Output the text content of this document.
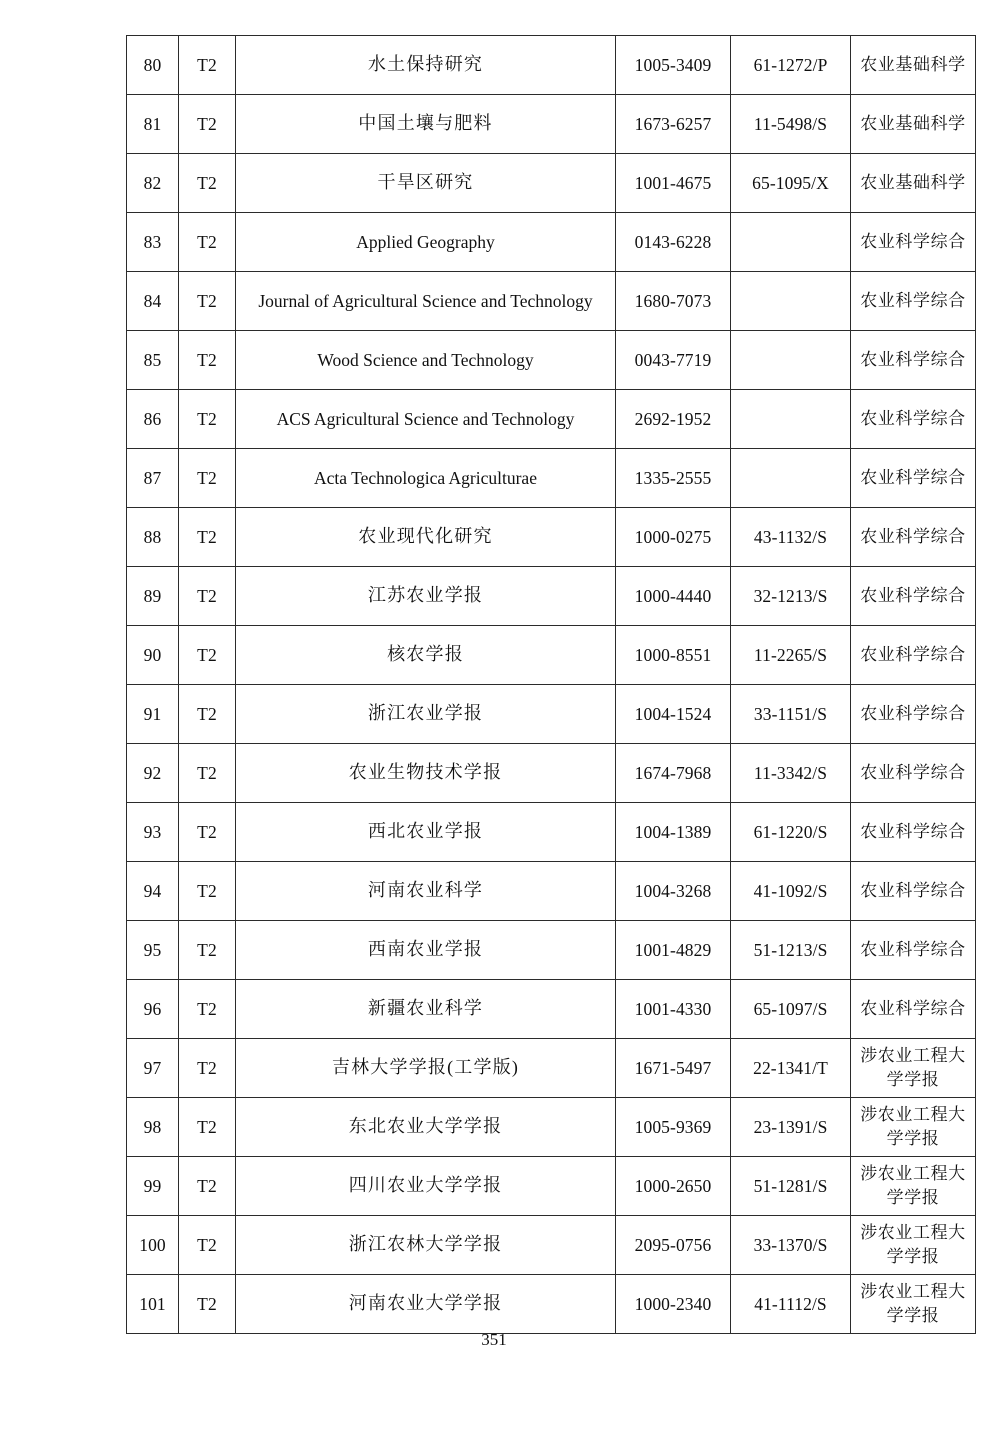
80	T2	水土保持研究	1005-3409	61-1272/P	农业基础科学
81	T2	中国土壤与肥料	1673-6257	11-5498/S	农业基础科学
82	T2	干旱区研究	1001-4675	65-1095/X	农业基础科学
83	T2	Applied Geography	0143-6228		农业科学综合
84	T2	Journal of Agricultural Science and Technology	1680-7073		农业科学综合
85	T2	Wood Science and Technology	0043-7719		农业科学综合
86	T2	ACS Agricultural Science and Technology	2692-1952		农业科学综合
87	T2	Acta Technologica Agriculturae	1335-2555		农业科学综合
88	T2	农业现代化研究	1000-0275	43-1132/S	农业科学综合
89	T2	江苏农业学报	1000-4440	32-1213/S	农业科学综合
90	T2	核农学报	1000-8551	11-2265/S	农业科学综合
91	T2	浙江农业学报	1004-1524	33-1151/S	农业科学综合
92	T2	农业生物技术学报	1674-7968	11-3342/S	农业科学综合
93	T2	西北农业学报	1004-1389	61-1220/S	农业科学综合
94	T2	河南农业科学	1004-3268	41-1092/S	农业科学综合
95	T2	西南农业学报	1001-4829	51-1213/S	农业科学综合
96	T2	新疆农业科学	1001-4330	65-1097/S	农业科学综合
97	T2	吉林大学学报(工学版)	1671-5497	22-1341/T	涉农业工程大学学报
98	T2	东北农业大学学报	1005-9369	23-1391/S	涉农业工程大学学报
99	T2	四川农业大学学报	1000-2650	51-1281/S	涉农业工程大学学报
100	T2	浙江农林大学学报	2095-0756	33-1370/S	涉农业工程大学学报
101	T2	河南农业大学学报	1000-2340	41-1112/S	涉农业工程大学学报
351
